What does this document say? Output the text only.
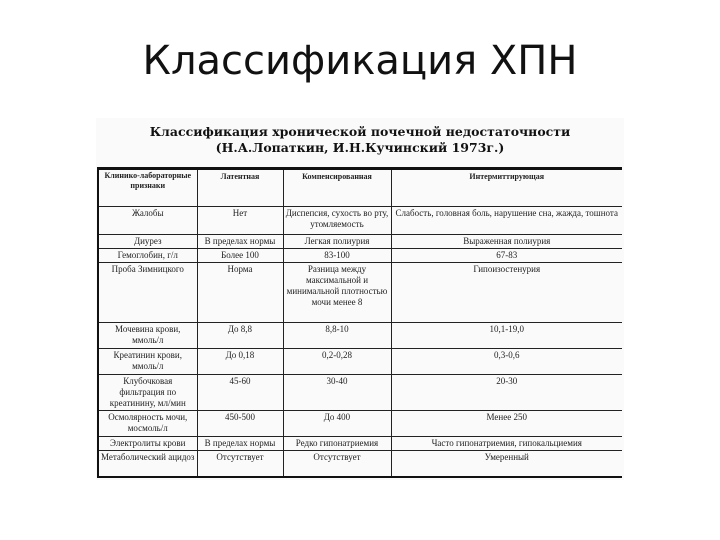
Классификация ХПН
Классификация хронической почечной недостаточности
(Н.А.Лопаткин, И.Н.Кучинский 1973г.)
Клинико-лабораторные признаки	Латентная	Компенсированная	Интермиттирующая
Жалобы	Нет	Диспепсия, сухость во рту, утомляемость	Слабость, головная боль, нарушение сна, жажда, тошнота
Диурез	В пределах нормы	Легкая полиурия	Выраженная полиурия
Гемоглобин, г/л	Более 100	83-100	67-83
Проба Зимницкого	Норма	Разница между максимальной и минимальной плотностью мочи менее 8	Гипоизостенурия
Мочевина крови, ммоль/л	До 8,8	8,8-10	10,1-19,0
Креатинин крови, ммоль/л	До 0,18	0,2-0,28	0,3-0,6
Клубочковая фильтрация по креатинину, мл/мин	45-60	30-40	20-30
Осмолярность мочи, мосмоль/л	450-500	До 400	Менее 250
Электролиты крови	В пределах нормы	Редко гипонатриемия	Часто гипонатриемия, гипокальциемия
Метаболический ацидоз	Отсутствует	Отсутствует	Умеренный
